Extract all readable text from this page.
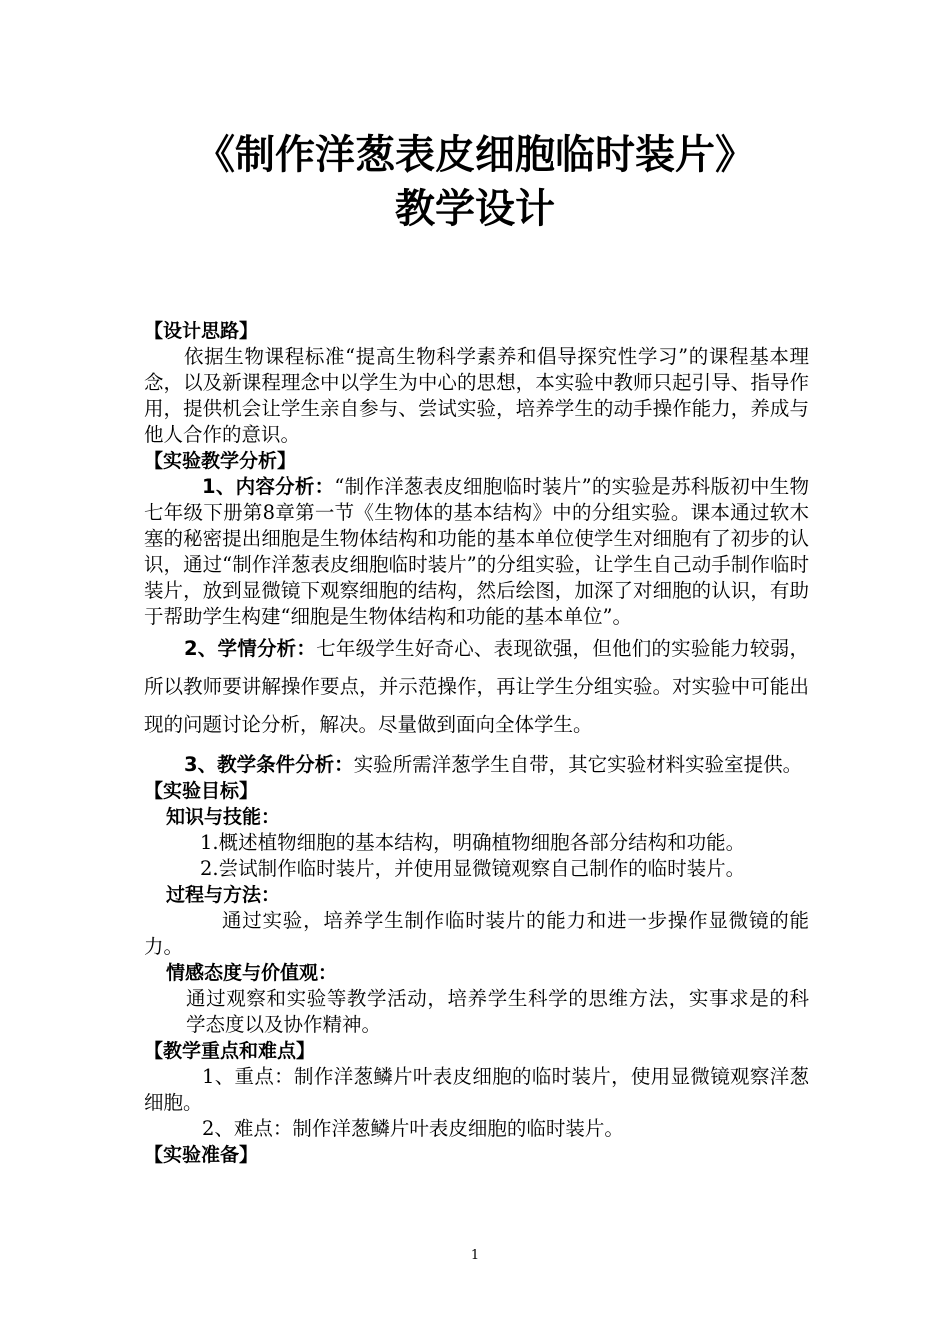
《制作洋葱表皮细胞临时装片》
教学设计

【设计思路】

依据生物课程标准“提高生物科学素养和倡导探究性学习”的课程基本理念，以及新课程理念中以学生为中心的思想，本实验中教师只起引导、指导作用，提供机会让学生亲自参与、尝试实验，培养学生的动手操作能力，养成与他人合作的意识。

【实验教学分析】

1、内容分析：“制作洋葱表皮细胞临时装片”的实验是苏科版初中生物七年级下册第8章第一节《生物体的基本结构》中的分组实验。课本通过软木塞的秘密提出细胞是生物体结构和功能的基本单位使学生对细胞有了初步的认识，通过“制作洋葱表皮细胞临时装片”的分组实验，让学生自己动手制作临时装片，放到显微镜下观察细胞的结构，然后绘图，加深了对细胞的认识，有助于帮助学生构建“细胞是生物体结构和功能的基本单位”。

2、学情分析：七年级学生好奇心、表现欲强，但他们的实验能力较弱，所以教师要讲解操作要点，并示范操作，再让学生分组实验。对实验中可能出现的问题讨论分析，解决。尽量做到面向全体学生。

3、教学条件分析：实验所需洋葱学生自带，其它实验材料实验室提供。

【实验目标】

知识与技能：

1.概述植物细胞的基本结构，明确植物细胞各部分结构和功能。

2.尝试制作临时装片，并使用显微镜观察自己制作的临时装片。

过程与方法：

通过实验，培养学生制作临时装片的能力和进一步操作显微镜的能力。

情感态度与价值观：

通过观察和实验等教学活动，培养学生科学的思维方法，实事求是的科学态度以及协作精神。

【教学重点和难点】

1、重点：制作洋葱鳞片叶表皮细胞的临时装片，使用显微镜观察洋葱细胞。

2、难点：制作洋葱鳞片叶表皮细胞的临时装片。

【实验准备】

1
